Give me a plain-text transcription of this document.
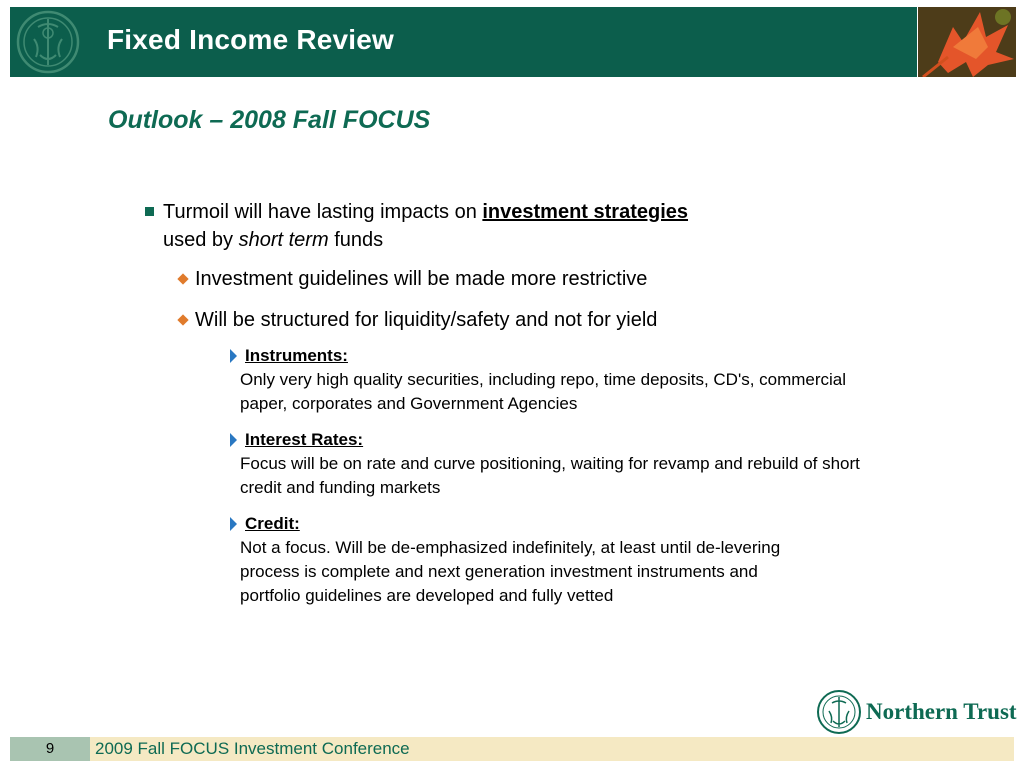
Fixed Income Review
Outlook – 2008 Fall FOCUS
Turmoil will have lasting impacts on investment strategies
used by short term funds
Investment guidelines will be made more restrictive
Will be structured for liquidity/safety and not for yield
Instruments:
Only very high quality securities, including repo, time deposits, CD's, commercial paper, corporates and Government Agencies
Interest Rates:
Focus will be on rate and curve positioning, waiting for revamp and rebuild of short credit and funding markets
Credit:
Not a focus. Will be de-emphasized indefinitely, at least until de-levering process is complete and next generation investment instruments and portfolio guidelines are developed and fully vetted
Northern Trust
9	2009 Fall FOCUS Investment Conference
